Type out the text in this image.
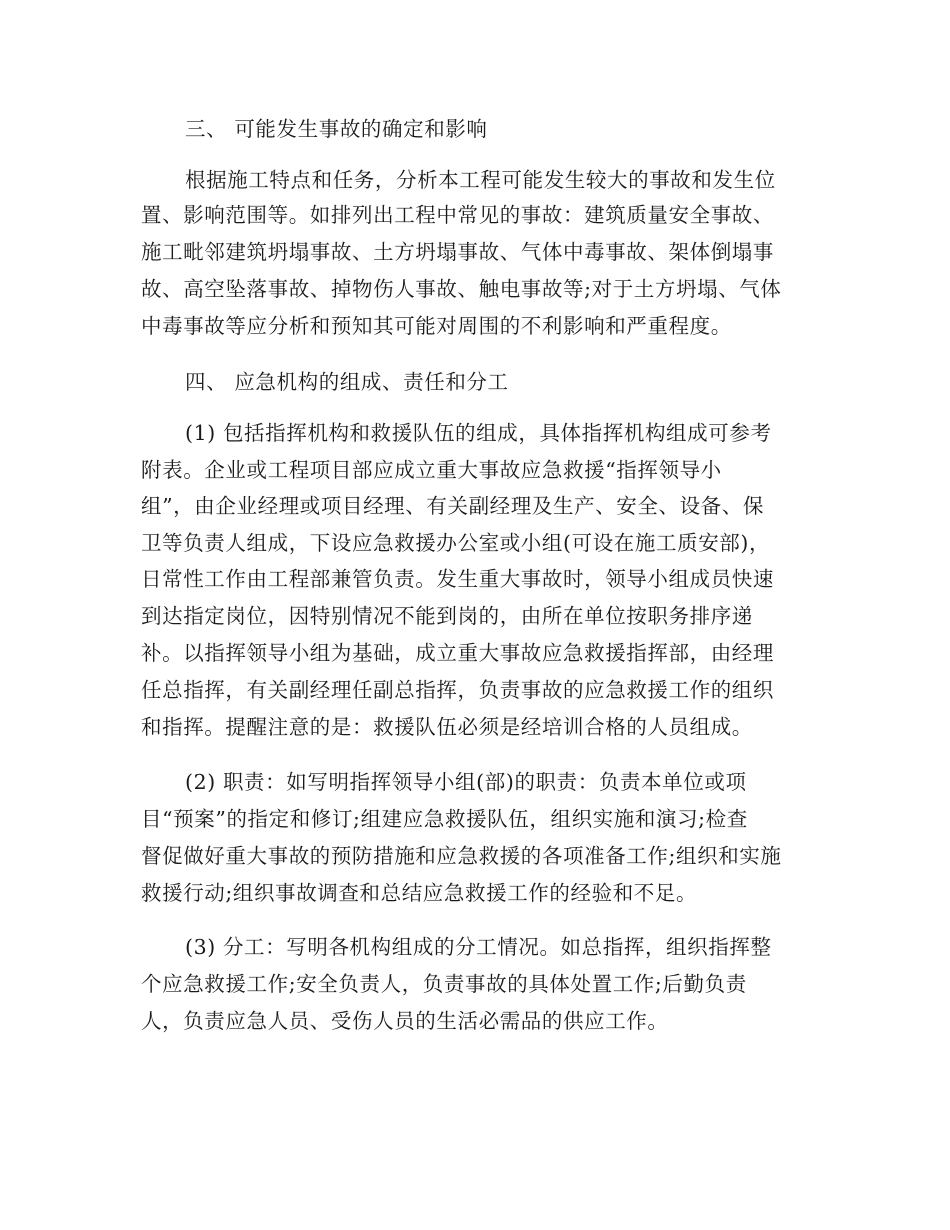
三、 可能发生事故的确定和影响
根据施工特点和任务，分析本工程可能发生较大的事故和发生位
置、影响范围等。如排列出工程中常见的事故：建筑质量安全事故、
施工毗邻建筑坍塌事故、土方坍塌事故、气体中毒事故、架体倒塌事
故、高空坠落事故、掉物伤人事故、触电事故等;对于土方坍塌、气体
中毒事故等应分析和预知其可能对周围的不利影响和严重程度。
四、 应急机构的组成、责任和分工
(1) 包括指挥机构和救援队伍的组成，具体指挥机构组成可参考
附表。企业或工程项目部应成立重大事故应急救援“指挥领导小
组”，由企业经理或项目经理、有关副经理及生产、安全、设备、保
卫等负责人组成，下设应急救援办公室或小组(可设在施工质安部)，
日常性工作由工程部兼管负责。发生重大事故时，领导小组成员快速
到达指定岗位，因特别情况不能到岗的，由所在单位按职务排序递
补。以指挥领导小组为基础，成立重大事故应急救援指挥部，由经理
任总指挥，有关副经理任副总指挥，负责事故的应急救援工作的组织
和指挥。提醒注意的是：救援队伍必须是经培训合格的人员组成。
(2) 职责：如写明指挥领导小组(部)的职责：负责本单位或项
目“预案”的指定和修订;组建应急救援队伍，组织实施和演习;检查
督促做好重大事故的预防措施和应急救援的各项准备工作;组织和实施
救援行动;组织事故调查和总结应急救援工作的经验和不足。
(3) 分工：写明各机构组成的分工情况。如总指挥，组织指挥整
个应急救援工作;安全负责人，负责事故的具体处置工作;后勤负责
人，负责应急人员、受伤人员的生活必需品的供应工作。
